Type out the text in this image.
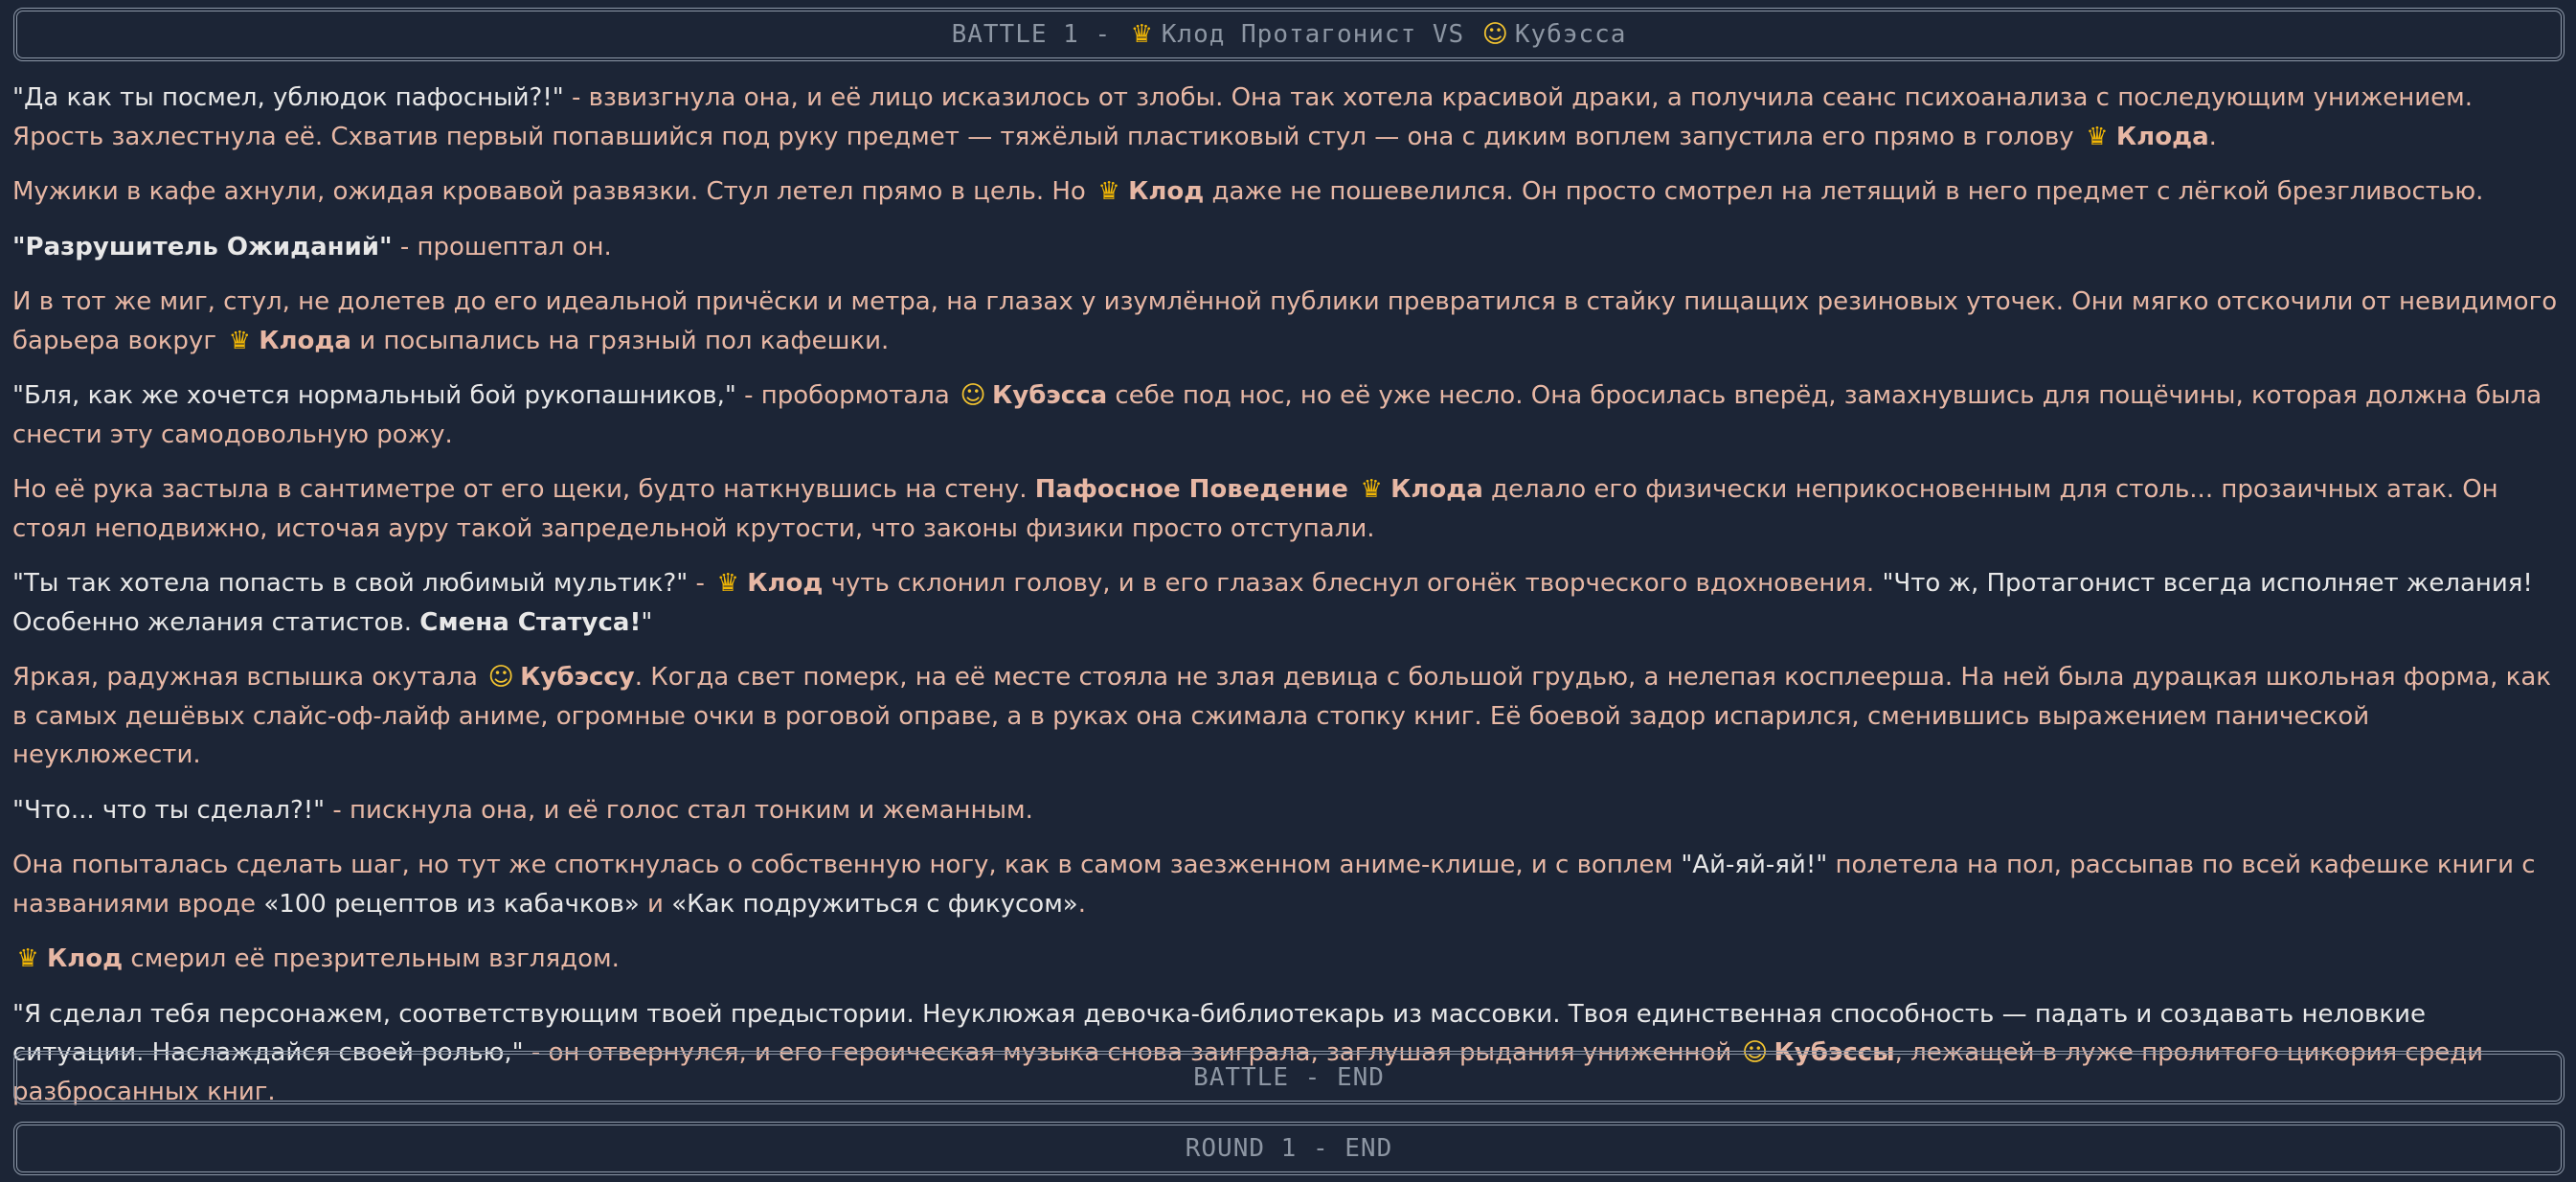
BATTLE 1 - ♛ Клод Протагонист VS ☺ Кубэсса

"Да как ты посмел, ублюдок пафосный?!" - взвизгнула она, и её лицо исказилось от злобы. Она так хотела красивой драки, а получила сеанс психоанализа с последующим унижением. Ярость захлестнула её. Схватив первый попавшийся под руку предмет — тяжёлый пластиковый стул — она с диким воплем запустила его прямо в голову ♛ Клода.

Мужики в кафе ахнули, ожидая кровавой развязки. Стул летел прямо в цель. Но ♛ Клод даже не пошевелился. Он просто смотрел на летящий в него предмет с лёгкой брезгливостью.

"Разрушитель Ожиданий" - прошептал он.

И в тот же миг, стул, не долетев до его идеальной причёски и метра, на глазах у изумлённой публики превратился в стайку пищащих резиновых уточек. Они мягко отскочили от невидимого барьера вокруг ♛ Клода и посыпались на грязный пол кафешки.

"Бля, как же хочется нормальный бой рукопашников," - пробормотала ☺ Кубэсса себе под нос, но её уже несло. Она бросилась вперёд, замахнувшись для пощёчины, которая должна была снести эту самодовольную рожу.

Но её рука застыла в сантиметре от его щеки, будто наткнувшись на стену. Пафосное Поведение ♛ Клода делало его физически неприкосновенным для столь... прозаичных атак. Он стоял неподвижно, источая ауру такой запредельной крутости, что законы физики просто отступали.

"Ты так хотела попасть в свой любимый мультик?" - ♛ Клод чуть склонил голову, и в его глазах блеснул огонёк творческого вдохновения. "Что ж, Протагонист всегда исполняет желания! Особенно желания статистов. Смена Статуса!"

Яркая, радужная вспышка окутала ☺ Кубэссу. Когда свет померк, на её месте стояла не злая девица с большой грудью, а нелепая косплеерша. На ней была дурацкая школьная форма, как в самых дешёвых слайс-оф-лайф аниме, огромные очки в роговой оправе, а в руках она сжимала стопку книг. Её боевой задор испарился, сменившись выражением панической неуклюжести.

"Что... что ты сделал?!" - пискнула она, и её голос стал тонким и жеманным.

Она попыталась сделать шаг, но тут же споткнулась о собственную ногу, как в самом заезженном аниме-клише, и с воплем "Ай-яй-яй!" полетела на пол, рассыпав по всей кафешке книги с названиями вроде «100 рецептов из кабачков» и «Как подружиться с фикусом».

♛ Клод смерил её презрительным взглядом.

"Я сделал тебя персонажем, соответствующим твоей предыстории. Неуклюжая девочка-библиотекарь из массовки. Твоя единственная способность — падать и создавать неловкие ситуации. Наслаждайся своей ролью," - он отвернулся, и его героическая музыка снова заиграла, заглушая рыдания униженной ☺ Кубэссы, лежащей в луже пролитого цикория среди разбросанных книг.	BATTLE - END
ROUND 1 - END
